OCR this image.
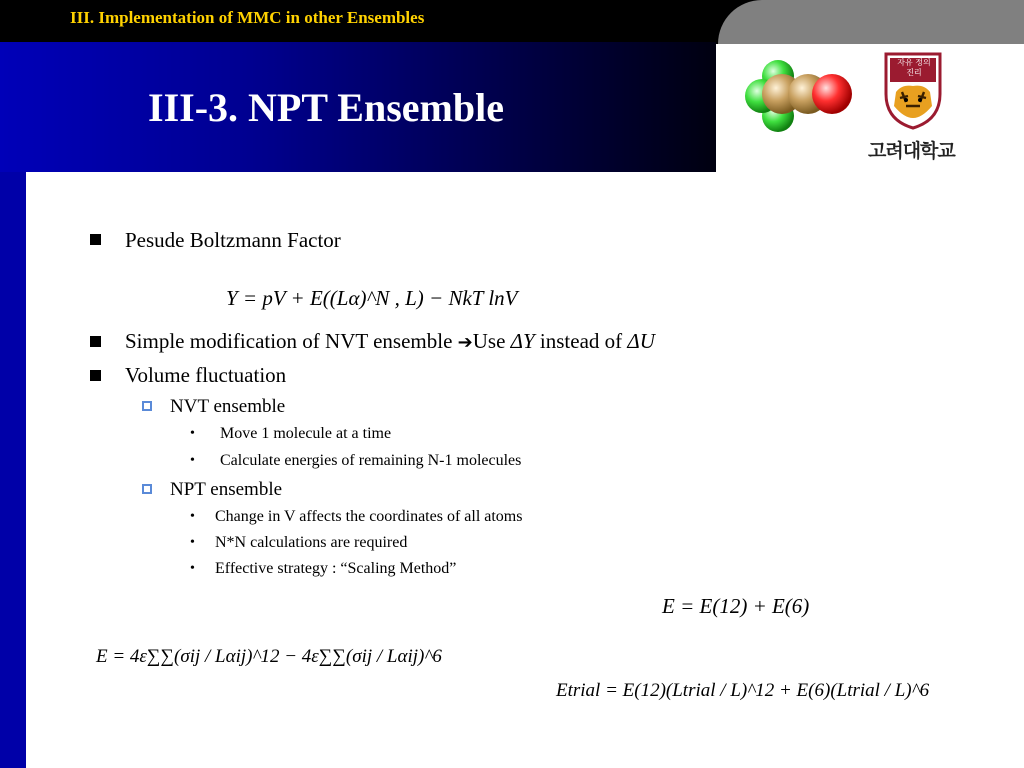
III. Implementation of MMC in other Ensembles
자유 정의 진리
고려대학교
III-3. NPT Ensemble
Pesude Boltzmann Factor
Y = pV + E((Lα)^N , L) − NkT lnV
Simple modification of NVT ensemble ➔Use ΔY instead of ΔU
Volume fluctuation
NVT ensemble
• Move 1 molecule at a time
• Calculate energies of remaining N-1 molecules
NPT ensemble
• Change in V affects the coordinates of all atoms
• N*N calculations are required
• Effective strategy : “Scaling Method”
E = E(12) + E(6)
E = 4ε∑∑(σij / Lαij)^12 − 4ε∑∑(σij / Lαij)^6
Etrial = E(12)(Ltrial / L)^12 + E(6)(Ltrial / L)^6
